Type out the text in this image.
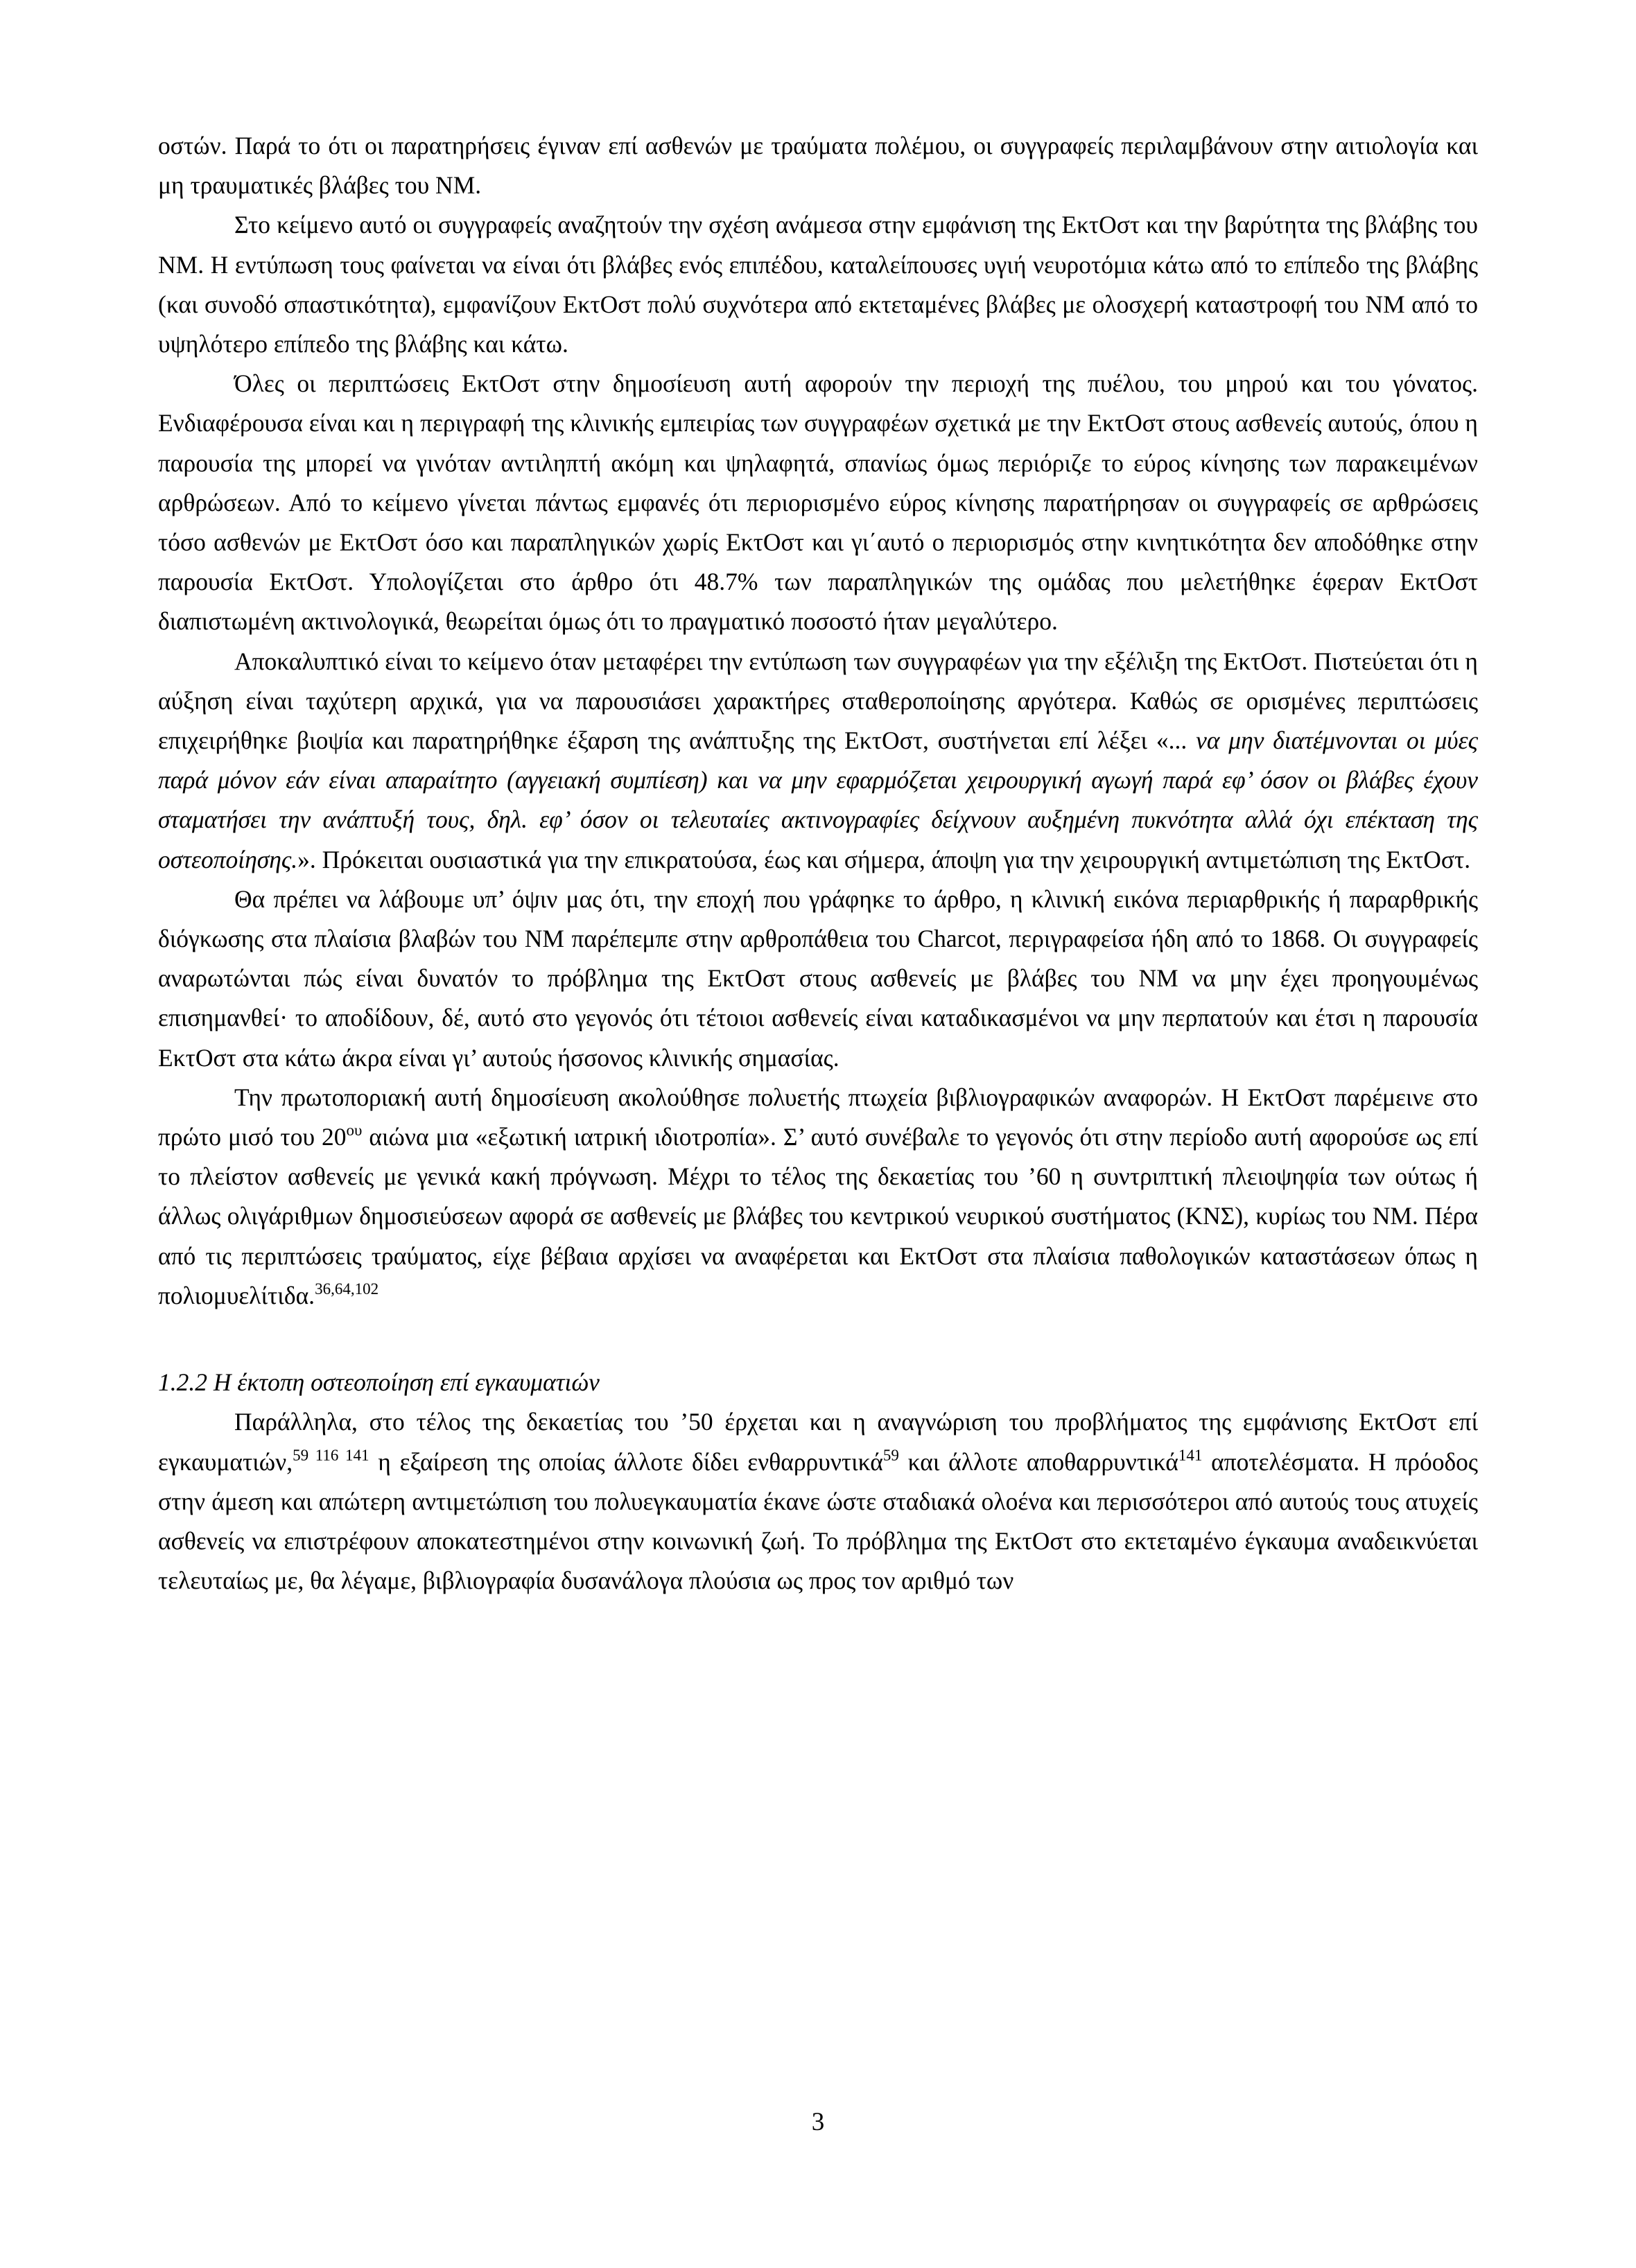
οστών. Παρά το ότι οι παρατηρήσεις έγιναν επί ασθενών με τραύματα πολέμου, οι συγγραφείς περιλαμβάνουν στην αιτιολογία και μη τραυματικές βλάβες του ΝΜ.

Στο κείμενο αυτό οι συγγραφείς αναζητούν την σχέση ανάμεσα στην εμφάνιση της ΕκτΟστ και την βαρύτητα της βλάβης του ΝΜ. Η εντύπωση τους φαίνεται να είναι ότι βλάβες ενός επιπέδου, καταλείπουσες υγιή νευροτόμια κάτω από το επίπεδο της βλάβης (και συνοδό σπαστικότητα), εμφανίζουν ΕκτΟστ πολύ συχνότερα από εκτεταμένες βλάβες με ολοσχερή καταστροφή του ΝΜ από το υψηλότερο επίπεδο της βλάβης και κάτω.

Όλες οι περιπτώσεις ΕκτΟστ στην δημοσίευση αυτή αφορούν την περιοχή της πυέλου, του μηρού και του γόνατος. Ενδιαφέρουσα είναι και η περιγραφή της κλινικής εμπειρίας των συγγραφέων σχετικά με την ΕκτΟστ στους ασθενείς αυτούς, όπου η παρουσία της μπορεί να γινόταν αντιληπτή ακόμη και ψηλαφητά, σπανίως όμως περιόριζε το εύρος κίνησης των παρακειμένων αρθρώσεων. Από το κείμενο γίνεται πάντως εμφανές ότι περιορισμένο εύρος κίνησης παρατήρησαν οι συγγραφείς σε αρθρώσεις τόσο ασθενών με ΕκτΟστ όσο και παραπληγικών χωρίς ΕκτΟστ και γι΄αυτό ο περιορισμός στην κινητικότητα δεν αποδόθηκε στην παρουσία ΕκτΟστ. Υπολογίζεται στο άρθρο ότι 48.7% των παραπληγικών της ομάδας που μελετήθηκε έφεραν ΕκτΟστ διαπιστωμένη ακτινολογικά, θεωρείται όμως ότι το πραγματικό ποσοστό ήταν μεγαλύτερο.

Αποκαλυπτικό είναι το κείμενο όταν μεταφέρει την εντύπωση των συγγραφέων για την εξέλιξη της ΕκτΟστ. Πιστεύεται ότι η αύξηση είναι ταχύτερη αρχικά, για να παρουσιάσει χαρακτήρες σταθεροποίησης αργότερα. Καθώς σε ορισμένες περιπτώσεις επιχειρήθηκε βιοψία και παρατηρήθηκε έξαρση της ανάπτυξης της ΕκτΟστ, συστήνεται επί λέξει «... να μην διατέμνονται οι μύες παρά μόνον εάν είναι απαραίτητο (αγγειακή συμπίεση) και να μην εφαρμόζεται χειρουργική αγωγή παρά εφ’ όσον οι βλάβες έχουν σταματήσει την ανάπτυξή τους, δηλ. εφ’ όσον οι τελευταίες ακτινογραφίες δείχνουν αυξημένη πυκνότητα αλλά όχι επέκταση της οστεοποίησης.». Πρόκειται ουσιαστικά για την επικρατούσα, έως και σήμερα, άποψη για την χειρουργική αντιμετώπιση της ΕκτΟστ.

Θα πρέπει να λάβουμε υπ’ όψιν μας ότι, την εποχή που γράφηκε το άρθρο, η κλινική εικόνα περιαρθρικής ή παραρθρικής διόγκωσης στα πλαίσια βλαβών του ΝΜ παρέπεμπε στην αρθροπάθεια του Charcot, περιγραφείσα ήδη από το 1868. Οι συγγραφείς αναρωτώνται πώς είναι δυνατόν το πρόβλημα της ΕκτΟστ στους ασθενείς με βλάβες του ΝΜ να μην έχει προηγουμένως επισημανθεί· το αποδίδουν, δέ, αυτό στο γεγονός ότι τέτοιοι ασθενείς είναι καταδικασμένοι να μην περπατούν και έτσι η παρουσία ΕκτΟστ στα κάτω άκρα είναι γι’ αυτούς ήσσονος κλινικής σημασίας.

Την πρωτοποριακή αυτή δημοσίευση ακολούθησε πολυετής πτωχεία βιβλιογραφικών αναφορών. Η ΕκτΟστ παρέμεινε στο πρώτο μισό του $20^{o\upsilon}$ αιώνα μια «εξωτική ιατρική ιδιοτροπία». Σ’ αυτό συνέβαλε το γεγονός ότι στην περίοδο αυτή αφορούσε ως επί το πλείστον ασθενείς με γενικά κακή πρόγνωση. Μέχρι το τέλος της δεκαετίας του ’60 η συντριπτική πλειοψηφία των ούτως ή άλλως ολιγάριθμων δημοσιεύσεων αφορά σε ασθενείς με βλάβες του κεντρικού νευρικού συστήματος (ΚΝΣ), κυρίως του ΝΜ. Πέρα από τις περιπτώσεις τραύματος, είχε βέβαια αρχίσει να αναφέρεται και ΕκτΟστ στα πλαίσια παθολογικών καταστάσεων όπως η πολιομυελίτιδα.$^{36,64,102}$

1.2.2 Η έκτοπη οστεοποίηση επί εγκαυματιών

Παράλληλα, στο τέλος της δεκαετίας του ’50 έρχεται και η αναγνώριση του προβλήματος της εμφάνισης ΕκτΟστ επί εγκαυματιών,$^{59 116 141}$ η εξαίρεση της οποίας άλλοτε δίδει ενθαρρυντικά$^{59}$ και άλλοτε αποθαρρυντικά$^{141}$ αποτελέσματα. Η πρόοδος στην άμεση και απώτερη αντιμετώπιση του πολυεγκαυματία έκανε ώστε σταδιακά ολοένα και περισσότεροι από αυτούς τους ατυχείς ασθενείς να επιστρέφουν αποκατεστημένοι στην κοινωνική ζωή. Το πρόβλημα της ΕκτΟστ στο εκτεταμένο έγκαυμα αναδεικνύεται τελευταίως με, θα λέγαμε, βιβλιογραφία δυσανάλογα πλούσια ως προς τον αριθμό των

3
